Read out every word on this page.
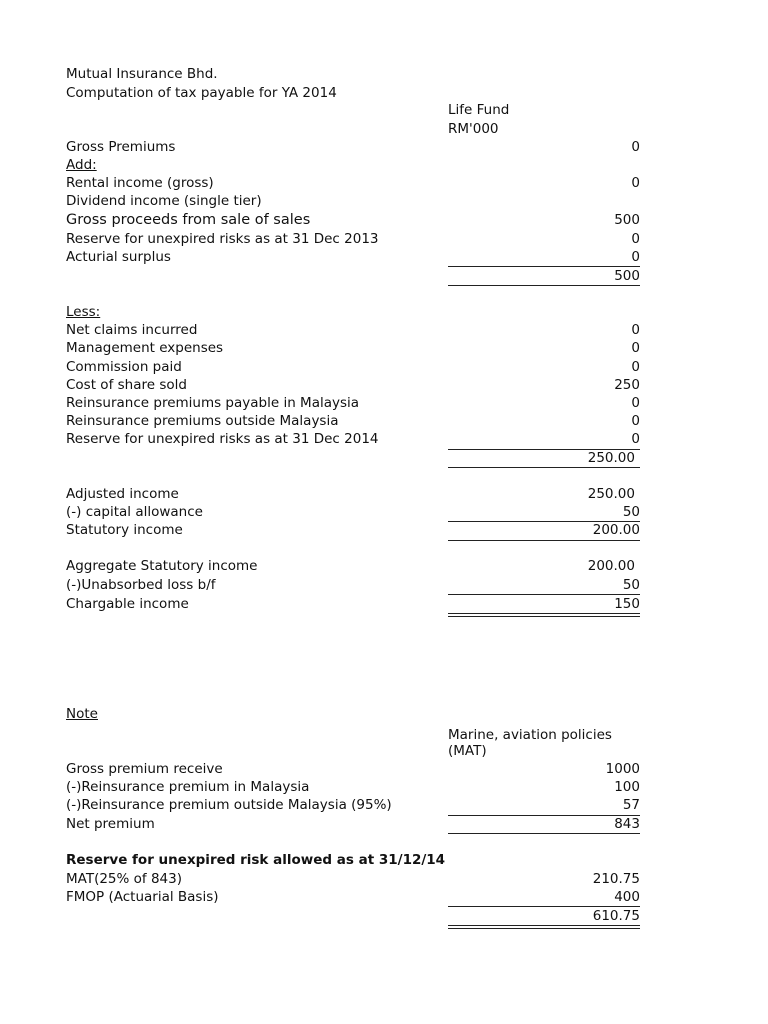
Mutual Insurance Bhd.
Computation of tax payable for YA 2014
Life Fund
RM'000
Gross Premiums	0
Add:
Rental income (gross)	0
Dividend income (single tier)
Gross proceeds from sale of sales	500
Reserve for unexpired risks as at 31 Dec 2013	0
Acturial surplus	0
500
Less:
Net claims incurred	0
Management expenses	0
Commission paid	0
Cost of share sold	250
Reinsurance premiums payable in Malaysia	0
Reinsurance premiums outside Malaysia	0
Reserve for unexpired risks as at 31 Dec 2014	0
250.00
Adjusted income	250.00
(-) capital allowance	50
Statutory income	200.00
Aggregate Statutory income	200.00
(-)Unabsorbed loss b/f	50
Chargable income	150
Note
Marine, aviation policies
(MAT)
Gross premium receive	1000
(-)Reinsurance premium in Malaysia	100
(-)Reinsurance premium outside Malaysia (95%)	57
Net premium	843
Reserve for unexpired risk allowed as at 31/12/14
MAT(25% of 843)	210.75
FMOP (Actuarial Basis)	400
610.75
